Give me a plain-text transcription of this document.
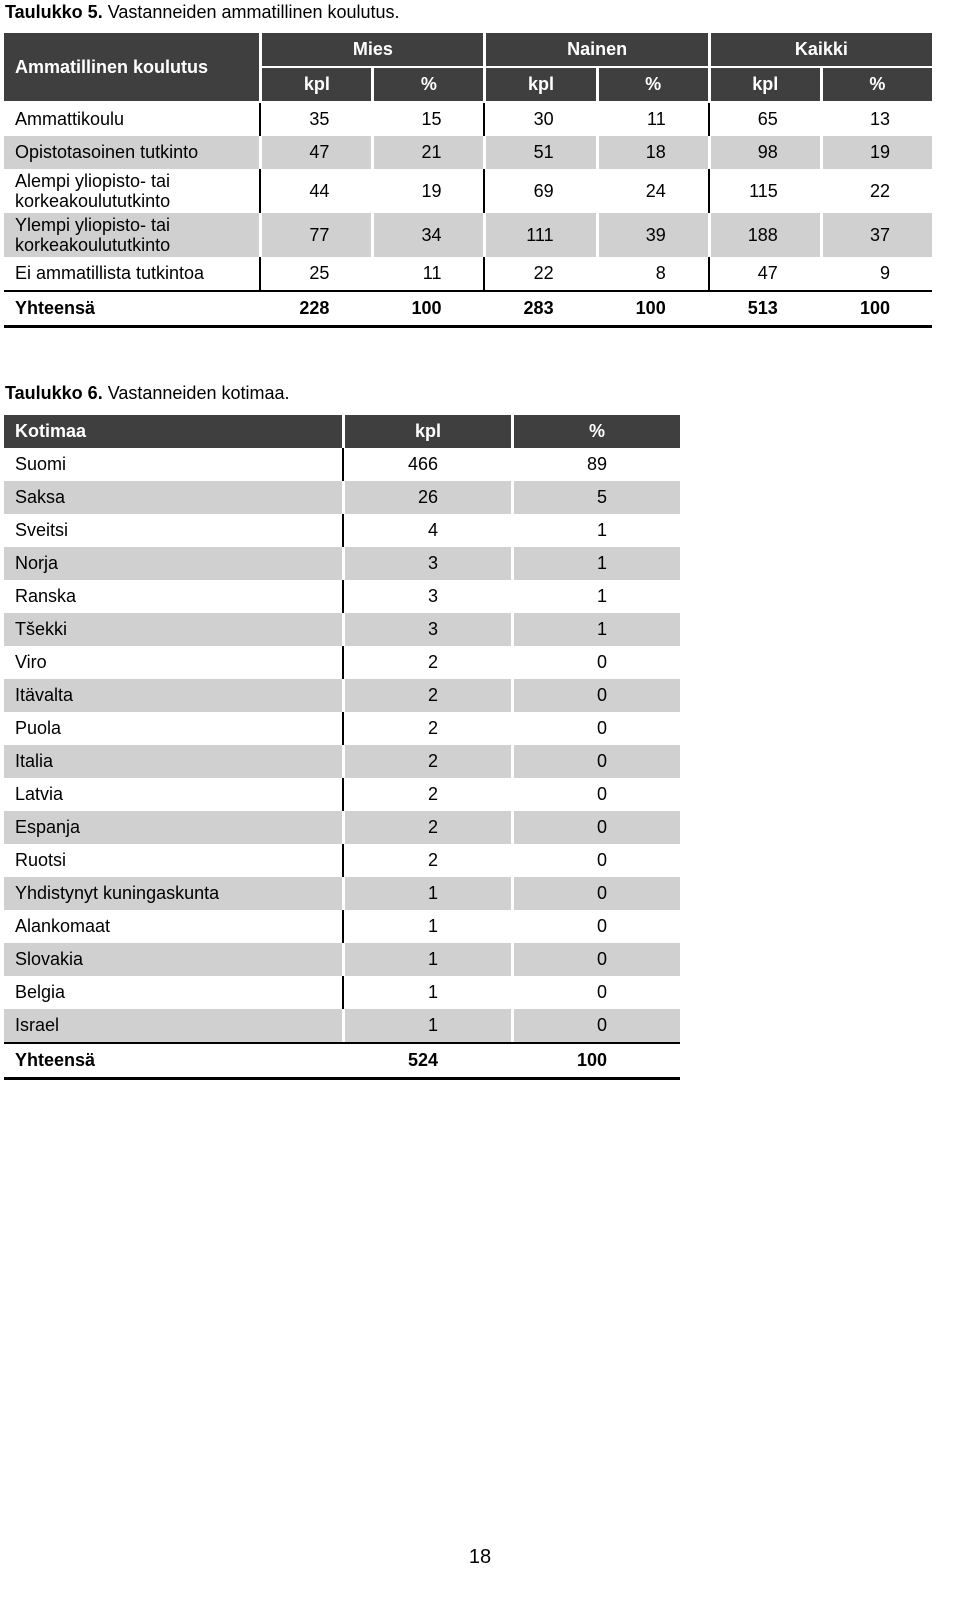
Taulukko 5. Vastanneiden ammatillinen koulutus.
Ammatillinen koulutus	Mies		Nainen		Kaikki	
	kpl	%	kpl	%	kpl	%
Ammattikoulu	35	15	30	11	65	13
Opistotasoinen tutkinto	47	21	51	18	98	19
Alempi yliopisto- tai korkeakoulututkinto	44	19	69	24	115	22
Ylempi yliopisto- tai korkeakoulututkinto	77	34	111	39	188	37
Ei ammatillista tutkintoa	25	11	22	8	47	9
Yhteensä	228	100	283	100	513	100
Taulukko 6. Vastanneiden kotimaa.
Kotimaa	kpl	%
Suomi	466	89
Saksa	26	5
Sveitsi	4	1
Norja	3	1
Ranska	3	1
Tšekki	3	1
Viro	2	0
Itävalta	2	0
Puola	2	0
Italia	2	0
Latvia	2	0
Espanja	2	0
Ruotsi	2	0
Yhdistynyt kuningaskunta	1	0
Alankomaat	1	0
Slovakia	1	0
Belgia	1	0
Israel	1	0
Yhteensä	524	100
18
